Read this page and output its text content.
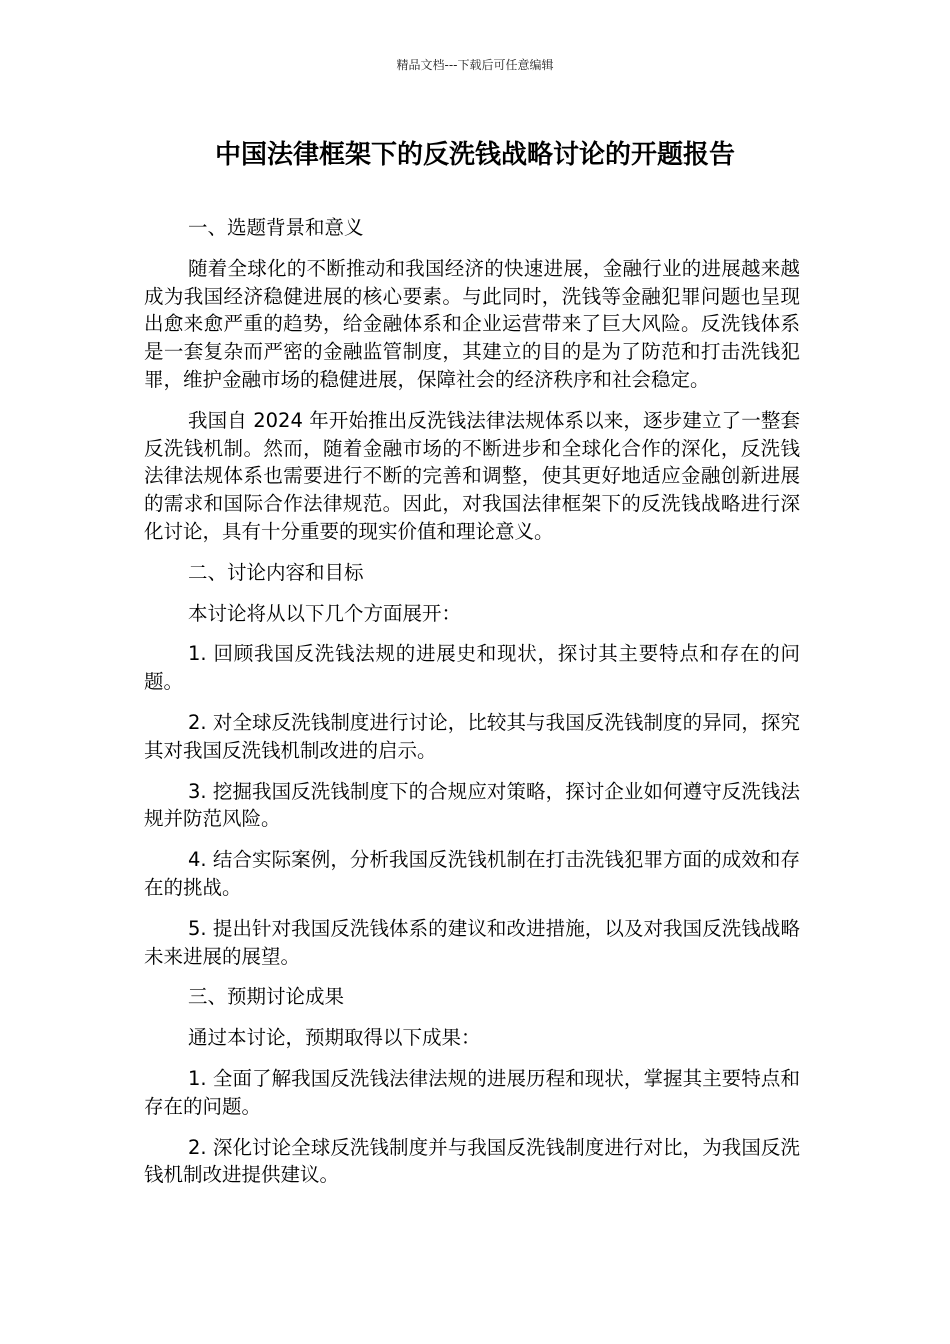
精品文档---下载后可任意编辑
中国法律框架下的反洗钱战略讨论的开题报告

一、选题背景和意义

随着全球化的不断推动和我国经济的快速进展，金融行业的进展越来越成为我国经济稳健进展的核心要素。与此同时，洗钱等金融犯罪问题也呈现出愈来愈严重的趋势，给金融体系和企业运营带来了巨大风险。反洗钱体系是一套复杂而严密的金融监管制度，其建立的目的是为了防范和打击洗钱犯罪，维护金融市场的稳健进展，保障社会的经济秩序和社会稳定。

我国自 2024 年开始推出反洗钱法律法规体系以来，逐步建立了一整套反洗钱机制。然而，随着金融市场的不断进步和全球化合作的深化，反洗钱法律法规体系也需要进行不断的完善和调整，使其更好地适应金融创新进展的需求和国际合作法律规范。因此，对我国法律框架下的反洗钱战略进行深化讨论，具有十分重要的现实价值和理论意义。

二、讨论内容和目标

本讨论将从以下几个方面展开：

1. 回顾我国反洗钱法规的进展史和现状，探讨其主要特点和存在的问题。

2. 对全球反洗钱制度进行讨论，比较其与我国反洗钱制度的异同，探究其对我国反洗钱机制改进的启示。

3. 挖掘我国反洗钱制度下的合规应对策略，探讨企业如何遵守反洗钱法规并防范风险。

4. 结合实际案例，分析我国反洗钱机制在打击洗钱犯罪方面的成效和存在的挑战。

5. 提出针对我国反洗钱体系的建议和改进措施，以及对我国反洗钱战略未来进展的展望。

三、预期讨论成果

通过本讨论，预期取得以下成果：

1. 全面了解我国反洗钱法律法规的进展历程和现状，掌握其主要特点和存在的问题。

2. 深化讨论全球反洗钱制度并与我国反洗钱制度进行对比，为我国反洗钱机制改进提供建议。
